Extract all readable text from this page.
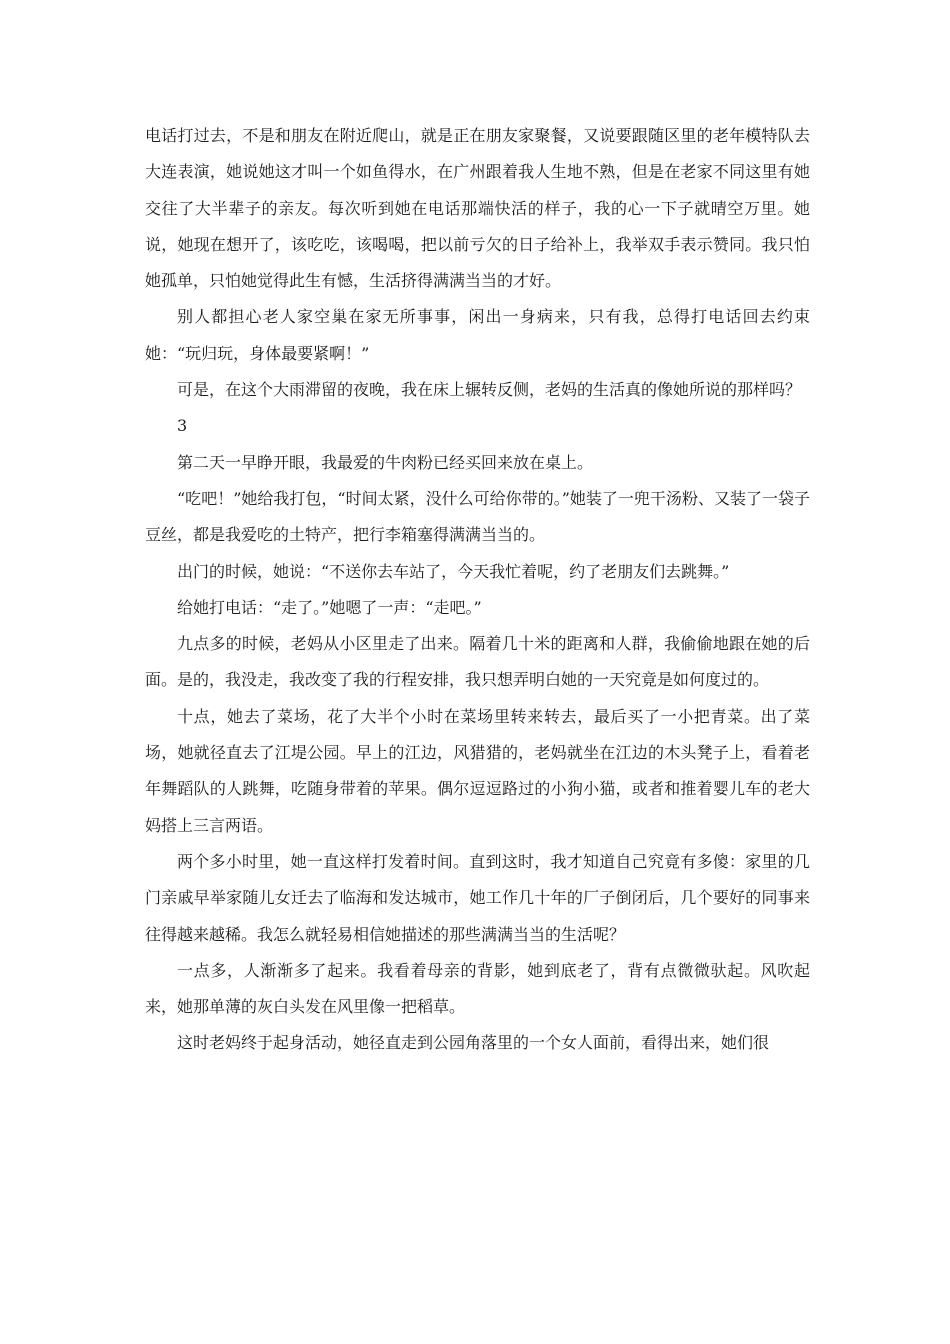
电话打过去，不是和朋友在附近爬山，就是正在朋友家聚餐，又说要跟随区里的老年模特队去大连表演，她说她这才叫一个如鱼得水，在广州跟着我人生地不熟，但是在老家不同这里有她交往了大半辈子的亲友。每次听到她在电话那端快活的样子，我的心一下子就晴空万里。她说，她现在想开了，该吃吃，该喝喝，把以前亏欠的日子给补上，我举双手表示赞同。我只怕她孤单，只怕她觉得此生有憾，生活挤得满满当当的才好。

别人都担心老人家空巢在家无所事事，闲出一身病来，只有我，总得打电话回去约束她：“玩归玩，身体最要紧啊！”

可是，在这个大雨滞留的夜晚，我在床上辗转反侧，老妈的生活真的像她所说的那样吗？

3

第二天一早睁开眼，我最爱的牛肉粉已经买回来放在桌上。

“吃吧！”她给我打包，“时间太紧，没什么可给你带的。”她装了一兜干汤粉、又装了一袋子豆丝，都是我爱吃的土特产，把行李箱塞得满满当当的。

出门的时候，她说：“不送你去车站了，今天我忙着呢，约了老朋友们去跳舞。”

给她打电话：“走了。”她嗯了一声：“走吧。”

九点多的时候，老妈从小区里走了出来。隔着几十米的距离和人群，我偷偷地跟在她的后面。是的，我没走，我改变了我的行程安排，我只想弄明白她的一天究竟是如何度过的。

十点，她去了菜场，花了大半个小时在菜场里转来转去，最后买了一小把青菜。出了菜场，她就径直去了江堤公园。早上的江边，风猎猎的，老妈就坐在江边的木头凳子上，看着老年舞蹈队的人跳舞，吃随身带着的苹果。偶尔逗逗路过的小狗小猫，或者和推着婴儿车的老大妈搭上三言两语。

两个多小时里，她一直这样打发着时间。直到这时，我才知道自己究竟有多傻：家里的几门亲戚早举家随儿女迁去了临海和发达城市，她工作几十年的厂子倒闭后，几个要好的同事来往得越来越稀。我怎么就轻易相信她描述的那些满满当当的生活呢？

一点多，人渐渐多了起来。我看着母亲的背影，她到底老了，背有点微微驮起。风吹起来，她那单薄的灰白头发在风里像一把稻草。

这时老妈终于起身活动，她径直走到公园角落里的一个女人面前，看得出来，她们很
